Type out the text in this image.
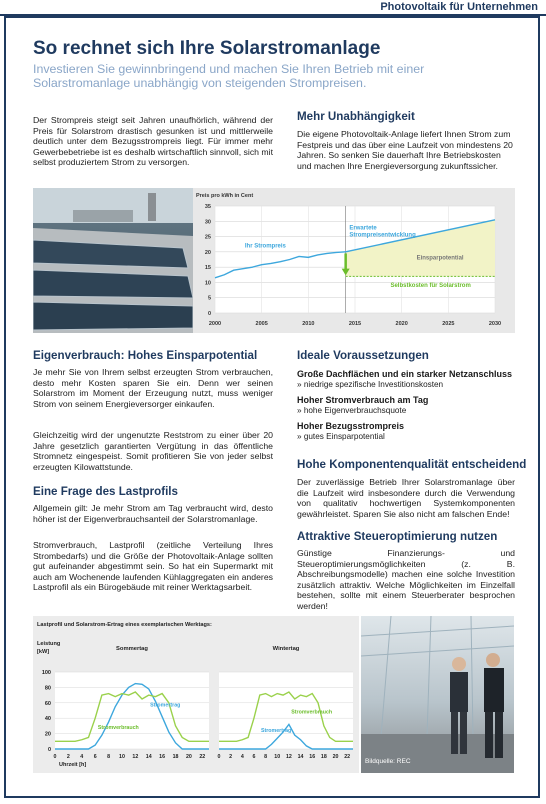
Photovoltaik für Unternehmen
So rechnet sich Ihre Solarstromanlage
Investieren Sie gewinnbringend und machen Sie Ihren Betrieb mit einer Solarstromanlage unabhängig von steigenden Strompreisen.

Der Strompreis steigt seit Jahren unaufhörlich, während der Preis für Solarstrom drastisch gesunken ist und mittlerweile deutlich unter dem Bezugsstrompreis liegt. Für immer mehr Gewerbebetriebe ist es deshalb wirtschaftlich sinnvoll, sich mit selbst produziertem Strom zu versorgen.

Mehr Unabhängigkeit

Die eigene Photovoltaik-Anlage liefert Ihnen Strom zum Festpreis und das über eine Laufzeit von mindestens 20 Jahren. So senken Sie dauerhaft Ihre Betriebskosten und machen Ihre Energieversorgung zukunftssicher.

Preis pro kWh in Cent
0
5
10
15
20
25
30
35
2000	2005	2010	2015	2020	2025	2030
Ihr Strompreis
Erwartete
Strompreisentwicklung
Einsparpotential
Selbstkosten für Solarstrom
Eigenverbrauch: Hohes Einsparpotential

Je mehr Sie von Ihrem selbst erzeugten Strom verbrauchen, desto mehr Kosten sparen Sie ein. Denn wer seinen Solarstrom im Moment der Erzeugung nutzt, muss weniger Strom von seinem Energieversorger einkaufen.

Gleichzeitig wird der ungenutzte Reststrom zu einer über 20 Jahre gesetzlich garantierten Vergütung in das öffentliche Stromnetz eingespeist. Somit profitieren Sie von jeder selbst erzeugten Kilowattstunde.

Eine Frage des Lastprofils

Allgemein gilt: Je mehr Strom am Tag verbraucht wird, desto höher ist der Eigenverbrauchsanteil der Solarstromanlage.

Stromverbrauch, Lastprofil (zeitliche Verteilung Ihres Strombedarfs) und die Größe der Photovoltaik-Anlage sollten gut aufeinander abgestimmt sein. So hat ein Supermarkt mit auch am Wochenende laufenden Kühlaggregaten ein anderes Lastprofil als ein Bürogebäude mit reiner Werktagsarbeit.

Ideale Voraussetzungen
Große Dachflächen und ein starker Netzanschluss
» niedrige spezifische Investitionskosten
Hoher Stromverbrauch am Tag
» hohe Eigenverbrauchsquote
Hoher Bezugsstrompreis
» gutes Einsparpotential
Hohe Komponentenqualität entscheidend

Der zuverlässige Betrieb Ihrer Solarstromanlage über die Laufzeit wird insbesondere durch die Verwendung von qualitativ hochwertigen Systemkomponenten gewährleistet. Sparen Sie also nicht am falschen Ende!

Attraktive Steueroptimierung nutzen

Günstige Finanzierungs- und Steueroptimierungsmöglichkeiten (z. B. Abschreibungsmodelle) machen eine solche Investition zusätzlich attraktiv. Welche Möglichkeiten im Einzelfall bestehen, sollte mit einem Steuerberater besprochen werden!

Lastprofil und Solarstrom-Ertrag eines exemplarischen Werktags:
Leistung
[kW]
0
20
40
60
80
100
0 2 4 6 8 10 12 14 16 18 20 22
Sommertag
Stromertrag
Stromverbrauch
0 2 4 6 8 10 12 14 16 18 20 22
Wintertag
Stromertrag
Stromverbrauch
Uhrzeit [h]	Bildquelle: REC
